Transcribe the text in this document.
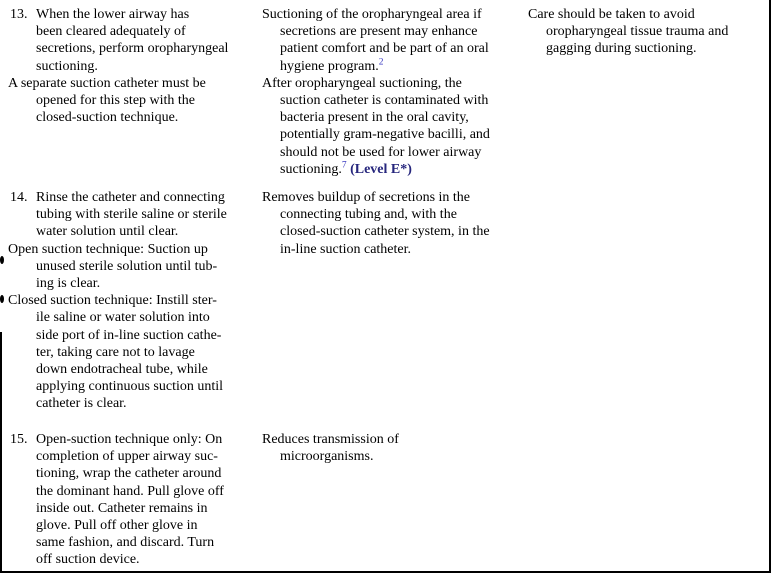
13. When the lower airway has
been cleared adequately of
secretions, perform oropharyngeal
suctioning.
A separate suction catheter must be
opened for this step with the
closed-suction technique.
Suctioning of the oropharyngeal area if
secretions are present may enhance
patient comfort and be part of an oral
hygiene program.$^2$
After oropharyngeal suctioning, the
suction catheter is contaminated with
bacteria present in the oral cavity,
potentially gram-negative bacilli, and
should not be used for lower airway
suctioning.$^7$ (Level E*)
Care should be taken to avoid
oropharyngeal tissue trauma and
gagging during suctioning.
14. Rinse the catheter and connecting
tubing with sterile saline or sterile
water solution until clear.
Open suction technique: Suction up
unused sterile solution until tub-
ing is clear.
Closed suction technique: Instill ster-
ile saline or water solution into
side port of in-line suction cathe-
ter, taking care not to lavage
down endotracheal tube, while
applying continuous suction until
catheter is clear.
Removes buildup of secretions in the
connecting tubing and, with the
closed-suction catheter system, in the
in-line suction catheter.
15. Open-suction technique only: On
completion of upper airway suc-
tioning, wrap the catheter around
the dominant hand. Pull glove off
inside out. Catheter remains in
glove. Pull off other glove in
same fashion, and discard. Turn
off suction device.
Reduces transmission of
microorganisms.
